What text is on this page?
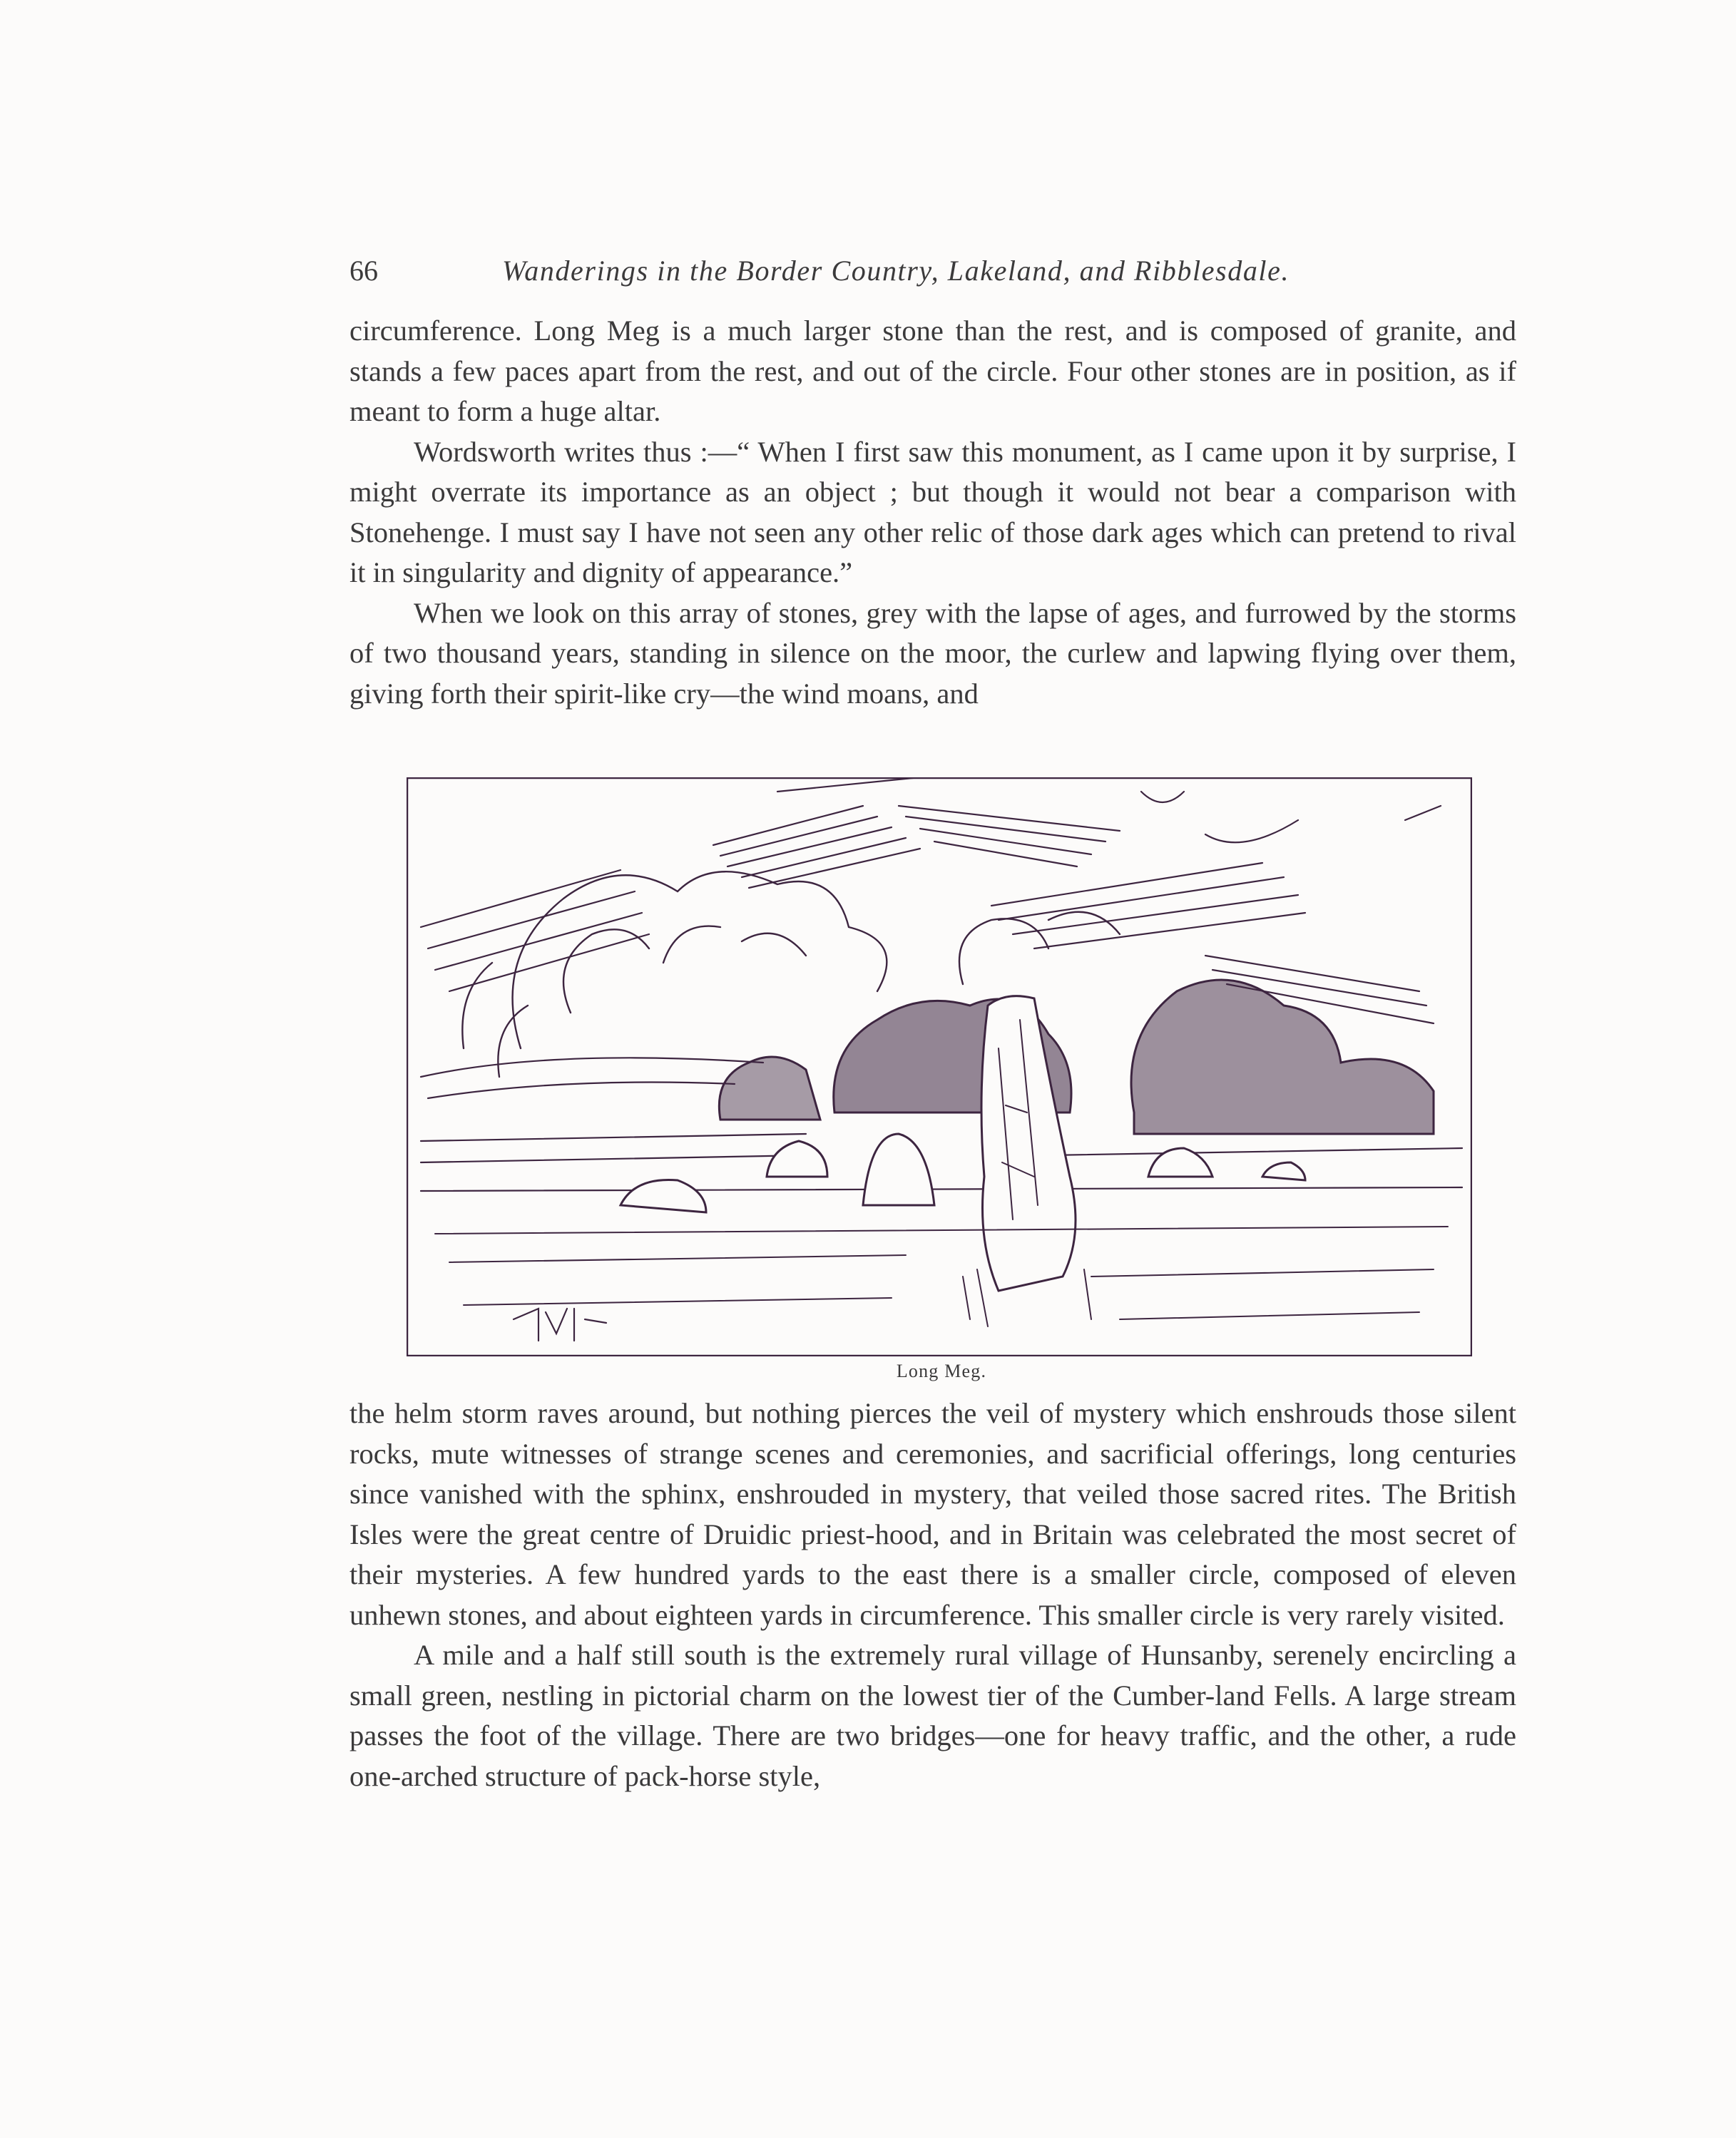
66	Wanderings in the Border Country, Lakeland, and Ribblesdale.

circumference. Long Meg is a much larger stone than the rest, and is composed of granite, and stands a few paces apart from the rest, and out of the circle. Four other stones are in position, as if meant to form a huge altar.

Wordsworth writes thus :—“ When I first saw this monument, as I came upon it by surprise, I might overrate its importance as an object ; but though it would not bear a comparison with Stonehenge. I must say I have not seen any other relic of those dark ages which can pretend to rival it in singularity and dignity of appearance.”

When we look on this array of stones, grey with the lapse of ages, and furrowed by the storms of two thousand years, standing in silence on the moor, the curlew and lapwing flying over them, giving forth their spirit-like cry—the wind moans, and

Long Meg.

the helm storm raves around, but nothing pierces the veil of mystery which enshrouds those silent rocks, mute witnesses of strange scenes and ceremonies, and sacrificial offerings, long centuries since vanished with the sphinx, enshrouded in mystery, that veiled those sacred rites. The British Isles were the great centre of Druidic priest-hood, and in Britain was celebrated the most secret of their mysteries. A few hundred yards to the east there is a smaller circle, composed of eleven unhewn stones, and about eighteen yards in circumference. This smaller circle is very rarely visited.

A mile and a half still south is the extremely rural village of Hunsanby, serenely encircling a small green, nestling in pictorial charm on the lowest tier of the Cumber-land Fells. A large stream passes the foot of the village. There are two bridges—one for heavy traffic, and the other, a rude one-arched structure of pack-horse style,
